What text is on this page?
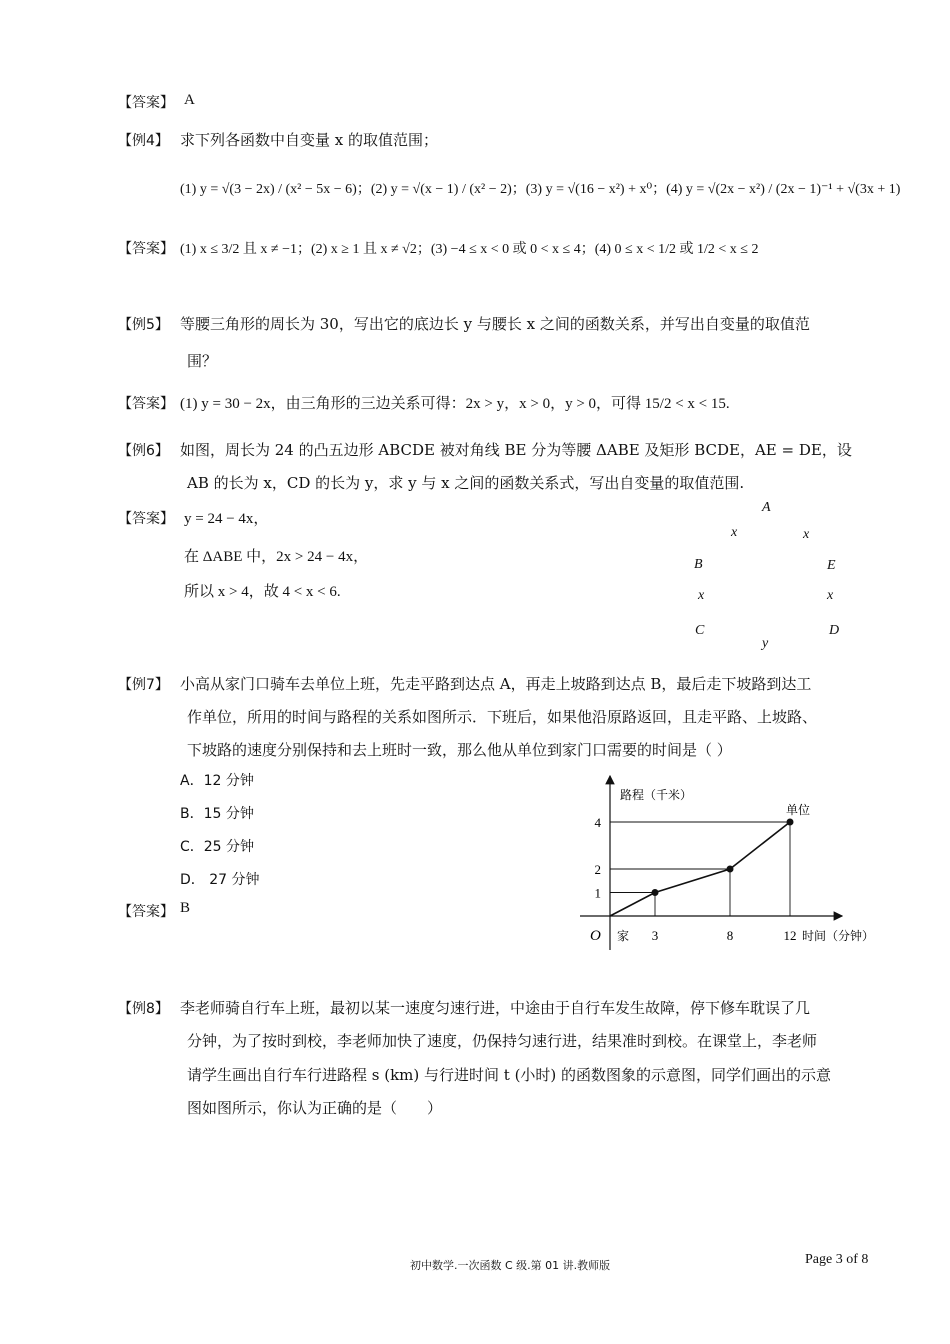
【答案】 A
【例4】 求下列各函数中自变量 x 的取值范围；
(1) y = √(3 − 2x) / (x² − 5x − 6)；(2) y = √(x − 1) / (x² − 2)；(3) y = √(16 − x²) + x⁰；(4) y = √(2x − x²) / (2x − 1)⁻¹ + √(3x + 1)
【答案】 (1) x ≤ 3/2 且 x ≠ −1；(2) x ≥ 1 且 x ≠ √2；(3) −4 ≤ x < 0 或 0 < x ≤ 4；(4) 0 ≤ x < 1/2 或 1/2 < x ≤ 2
【例5】 等腰三角形的周长为 30，写出它的底边长 y 与腰长 x 之间的函数关系，并写出自变量的取值范
围？
【答案】 (1) y = 30 − 2x，由三角形的三边关系可得：2x > y，x > 0，y > 0，可得 15/2 < x < 15.
【例6】 如图，周长为 24 的凸五边形 ABCDE 被对角线 BE 分为等腰 ΔABE 及矩形 BCDE，AE = DE，设
AB 的长为 x，CD 的长为 y，求 y 与 x 之间的函数关系式，写出自变量的取值范围.
【答案】 y = 24 − 4x，
在 ΔABE 中，2x > 24 − 4x，
所以 x > 4，故 4 < x < 6.
A
x	x
B	E
x	x
C	D
y
【例7】 小高从家门口骑车去单位上班，先走平路到达点 A，再走上坡路到达点 B，最后走下坡路到达工
作单位，所用的时间与路程的关系如图所示．下班后，如果他沿原路返回，且走平路、上坡路、
下坡路的速度分别保持和去上班时一致，那么他从单位到家门口需要的时间是（ ）
A．12 分钟
B．15 分钟
C．25 分钟
D． 27 分钟
【答案】 B
1
2
4
3	8	12
路程（千米）
时间（分钟）
O 家
单位
【例8】 李老师骑自行车上班，最初以某一速度匀速行进，中途由于自行车发生故障，停下修车耽误了几
分钟，为了按时到校，李老师加快了速度，仍保持匀速行进，结果准时到校。在课堂上，李老师
请学生画出自行车行进路程 s (km) 与行进时间 t (小时) 的函数图象的示意图，同学们画出的示意
图如图所示，你认为正确的是（　　）
初中数学.一次函数 C 级.第 01 讲.教师版	Page 3 of 8
